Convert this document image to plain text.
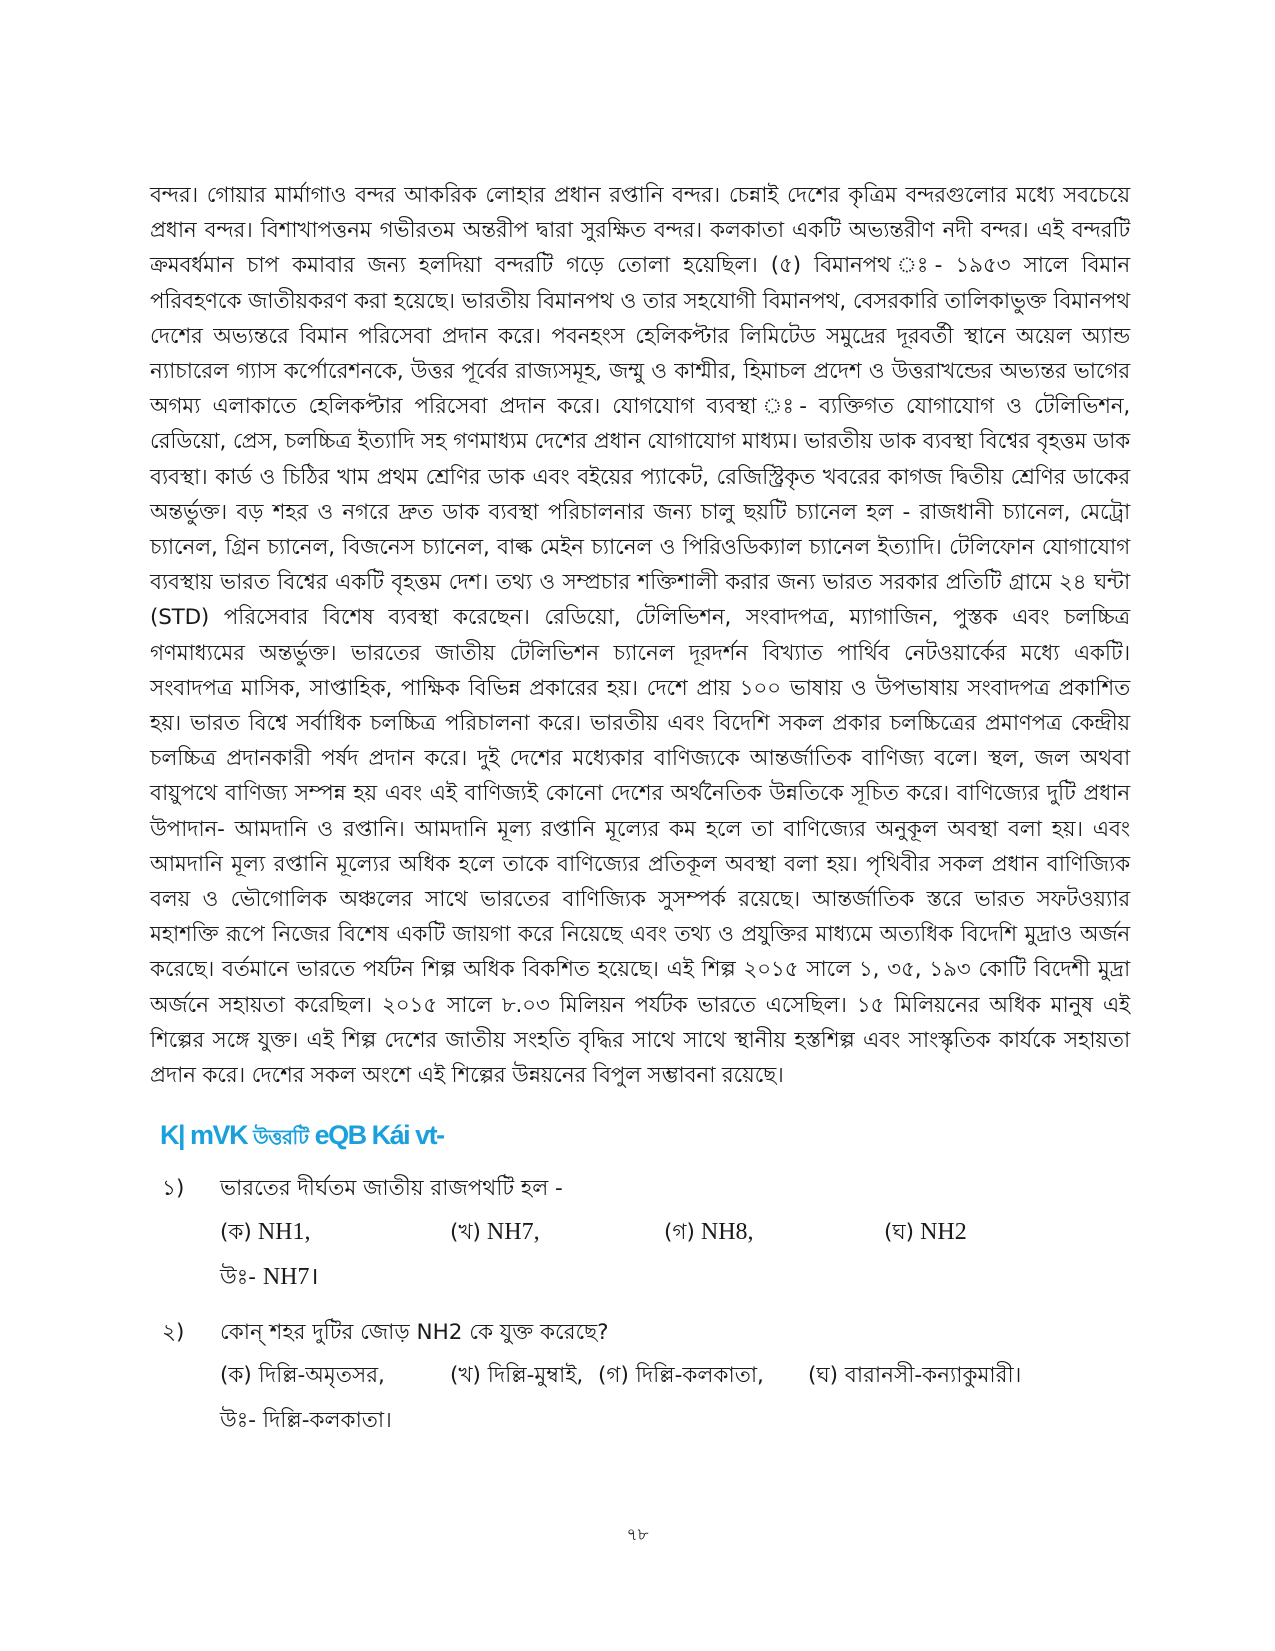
বন্দর। গোয়ার মার্মাগাও বন্দর আকরিক লোহার প্রধান রপ্তানি বন্দর। চেন্নাই দেশের কৃত্রিম বন্দরগুলোর মধ্যে সবচেয়ে প্রধান বন্দর। বিশাখাপত্তনম গভীরতম অন্তরীপ দ্বারা সুরক্ষিত বন্দর। কলকাতা একটি অভ্যন্তরীণ নদী বন্দর। এই বন্দরটি ক্রমবর্ধমান চাপ কমাবার জন্য হলদিয়া বন্দরটি গড়ে তোলা হয়েছিল। (৫) বিমানপথ ঃ- ১৯৫৩ সালে বিমান পরিবহণকে জাতীয়করণ করা হয়েছে। ভারতীয় বিমানপথ ও তার সহযোগী বিমানপথ, বেসরকারি তালিকাভুক্ত বিমানপথ দেশের অভ্যন্তরে বিমান পরিসেবা প্রদান করে। পবনহংস হেলিকপ্টার লিমিটেড সমুদ্রের দূরবর্তী স্থানে অয়েল অ্যান্ড ন্যাচারেল গ্যাস কর্পোরেশনকে, উত্তর পূর্বের রাজ্যসমূহ, জম্মু ও কাশ্মীর, হিমাচল প্রদেশ ও উত্তরাখন্ডের অভ্যন্তর ভাগের অগম্য এলাকাতে হেলিকপ্টার পরিসেবা প্রদান করে। যোগযোগ ব্যবস্থা ঃ- ব্যক্তিগত যোগাযোগ ও টেলিভিশন, রেডিয়ো, প্রেস, চলচ্চিত্র ইত্যাদি সহ গণমাধ্যম দেশের প্রধান যোগাযোগ মাধ্যম। ভারতীয় ডাক ব্যবস্থা বিশ্বের বৃহত্তম ডাক ব্যবস্থা। কার্ড ও চিঠির খাম প্রথম শ্রেণির ডাক এবং বইয়ের প্যাকেট, রেজিস্ট্রিকৃত খবরের কাগজ দ্বিতীয় শ্রেণির ডাকের অন্তর্ভুক্ত। বড় শহর ও নগরে দ্রুত ডাক ব্যবস্থা পরিচালনার জন্য চালু ছয়টি চ্যানেল হল - রাজধানী চ্যানেল, মেট্রো চ্যানেল, গ্রিন চ্যানেল, বিজনেস চ্যানেল, বাল্ক মেইন চ্যানেল ও পিরিওডিক্যাল চ্যানেল ইত্যাদি। টেলিফোন যোগাযোগ ব্যবস্থায় ভারত বিশ্বের একটি বৃহত্তম দেশ। তথ্য ও সম্প্রচার শক্তিশালী করার জন্য ভারত সরকার প্রতিটি গ্রামে ২৪ ঘন্টা (STD) পরিসেবার বিশেষ ব্যবস্থা করেছেন। রেডিয়ো, টেলিভিশন, সংবাদপত্র, ম্যাগাজিন, পুস্তক এবং চলচ্চিত্র গণমাধ্যমের অন্তর্ভুক্ত। ভারতের জাতীয় টেলিভিশন চ্যানেল দূরদর্শন বিখ্যাত পার্থিব নেটওয়ার্কের মধ্যে একটি। সংবাদপত্র মাসিক, সাপ্তাহিক, পাক্ষিক বিভিন্ন প্রকারের হয়। দেশে প্রায় ১০০ ভাষায় ও উপভাষায় সংবাদপত্র প্রকাশিত হয়। ভারত বিশ্বে সর্বাধিক চলচ্চিত্র পরিচালনা করে। ভারতীয় এবং বিদেশি সকল প্রকার চলচ্চিত্রের প্রমাণপত্র কেন্দ্রীয় চলচ্চিত্র প্রদানকারী পর্ষদ প্রদান করে। দুই দেশের মধ্যেকার বাণিজ্যকে আন্তর্জাতিক বাণিজ্য বলে। স্থল, জল অথবা বায়ুপথে বাণিজ্য সম্পন্ন হয় এবং এই বাণিজ্যই কোনো দেশের অর্থনৈতিক উন্নতিকে সূচিত করে। বাণিজ্যের দুটি প্রধান উপাদান- আমদানি ও রপ্তানি। আমদানি মূল্য রপ্তানি মূল্যের কম হলে তা বাণিজ্যের অনুকূল অবস্থা বলা হয়। এবং আমদানি মূল্য রপ্তানি মূল্যের অধিক হলে তাকে বাণিজ্যের প্রতিকূল অবস্থা বলা হয়। পৃথিবীর সকল প্রধান বাণিজ্যিক বলয় ও ভৌগোলিক অঞ্চলের সাথে ভারতের বাণিজ্যিক সুসম্পর্ক রয়েছে। আন্তর্জাতিক স্তরে ভারত সফটওয়্যার মহাশক্তি রূপে নিজের বিশেষ একটি জায়গা করে নিয়েছে এবং তথ্য ও প্রযুক্তির মাধ্যমে অত্যধিক বিদেশি মুদ্রাও অর্জন করেছে। বর্তমানে ভারতে পর্যটন শিল্প অধিক বিকশিত হয়েছে। এই শিল্প ২০১৫ সালে ১, ৩৫, ১৯৩ কোটি বিদেশী মুদ্রা অর্জনে সহায়তা করেছিল। ২০১৫ সালে ৮.০৩ মিলিয়ন পর্যটক ভারতে এসেছিল। ১৫ মিলিয়নের অধিক মানুষ এই শিল্পের সঙ্গে যুক্ত। এই শিল্প দেশের জাতীয় সংহতি বৃদ্ধির সাথে সাথে স্থানীয় হস্তশিল্প এবং সাংস্কৃতিক কার্যকে সহায়তা প্রদান করে। দেশের সকল অংশে এই শিল্পের উন্নয়নের বিপুল সম্ভাবনা রয়েছে।

K| mVK উত্তরটি eQB Kái vt-
১)	ভারতের দীর্ঘতম জাতীয় রাজপথটি হল -
(ক) NH1,	(খ) NH7,	(গ) NH8,	(ঘ) NH2
উঃ- NH7।
২)	কোন্ শহর দুটির জোড় NH2 কে যুক্ত করেছে?
(ক) দিল্লি-অমৃতসর,	(খ) দিল্লি-মুম্বাই, (গ) দিল্লি-কলকাতা, (ঘ) বারানসী-কন্যাকুমারী।
উঃ- দিল্লি-কলকাতা।
৭৮
